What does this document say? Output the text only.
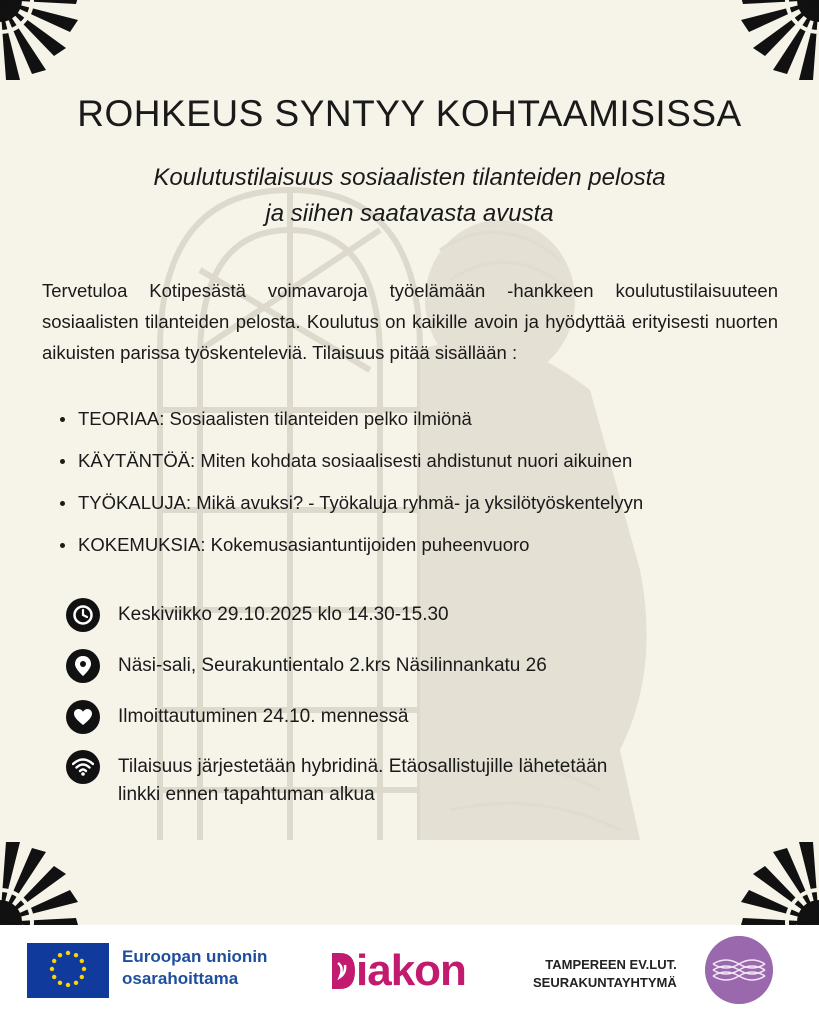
ROHKEUS SYNTYY KOHTAAMISISSA
Koulutustilaisuus sosiaalisten tilanteiden pelosta
ja siihen saatavasta avusta

Tervetuloa Kotipesästä voimavaroja työelämään -hankkeen koulutustilaisuuteen sosiaalisten tilanteiden pelosta. Koulutus on kaikille avoin ja hyödyttää erityisesti nuorten aikuisten parissa työskenteleviä. Tilaisuus pitää sisällään :

TEORIAA: Sosiaalisten tilanteiden pelko ilmiönä
KÄYTÄNTÖÄ: Miten kohdata sosiaalisesti ahdistunut nuori aikuinen
TYÖKALUJA: Mikä avuksi? - Työkaluja ryhmä- ja yksilötyöskentelyyn
KOKEMUKSIA: Kokemusasiantuntijoiden puheenvuoro
Keskiviikko 29.10.2025 klo 14.30-15.30
Näsi-sali, Seurakuntientalo 2.krs Näsilinnankatu 26
Ilmoittautuminen 24.10. mennessä
Tilaisuus järjestetään hybridinä. Etäosallistujille lähetetään
linkki ennen tapahtuman alkua
Euroopan unionin
osarahoittama	iakon	TAMPEREEN EV.LUT.
SEURAKUNTAYHTYMÄ
